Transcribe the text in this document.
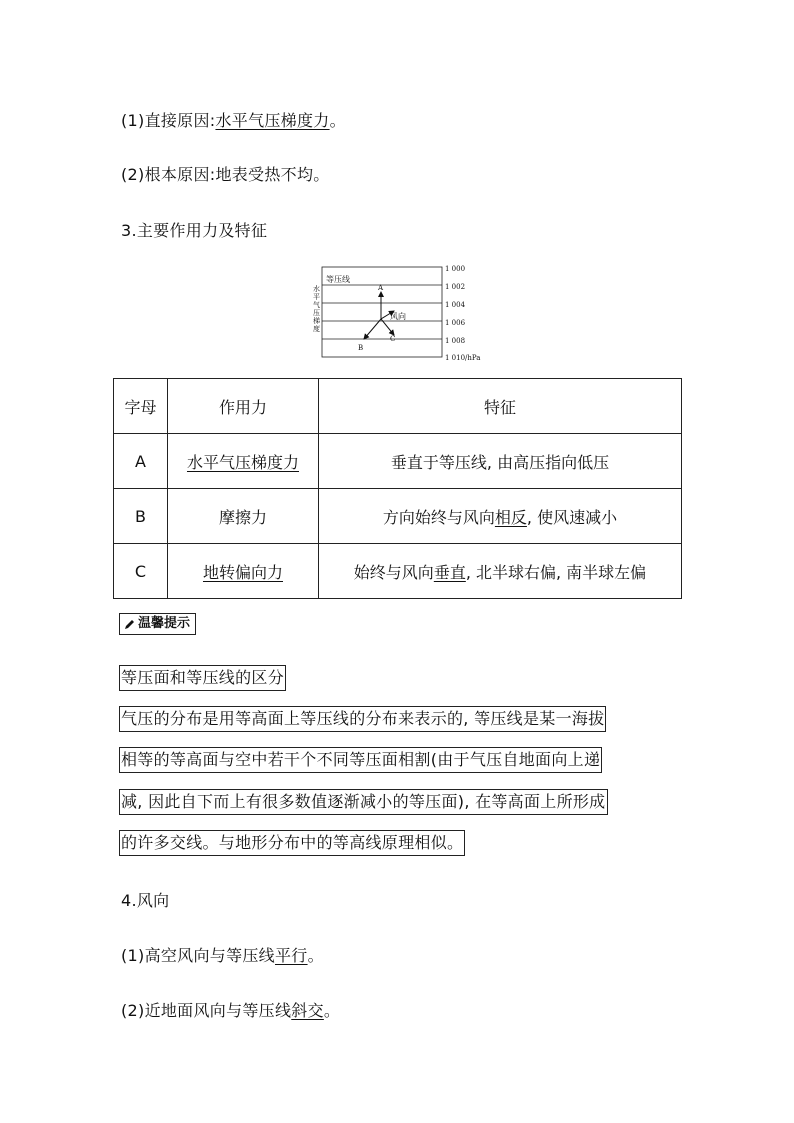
(1)直接原因:水平气压梯度力。
(2)根本原因:地表受热不均。
3.主要作用力及特征
等压线
水
平
气
压
梯
度
1 000
1 002
1 004
1 006
1 008
1 010/hPa
A
B
C
风向
字母	作用力	特征
A	水平气压梯度力	垂直于等压线, 由高压指向低压
B	摩擦力	方向始终与风向相反, 使风速减小
C	地转偏向力	始终与风向垂直, 北半球右偏, 南半球左偏
温馨提示
等压面和等压线的区分
气压的分布是用等高面上等压线的分布来表示的, 等压线是某一海拔
相等的等高面与空中若干个不同等压面相割(由于气压自地面向上递
减, 因此自下而上有很多数值逐渐减小的等压面), 在等高面上所形成
的许多交线。与地形分布中的等高线原理相似。
4.风向
(1)高空风向与等压线平行。
(2)近地面风向与等压线斜交。
